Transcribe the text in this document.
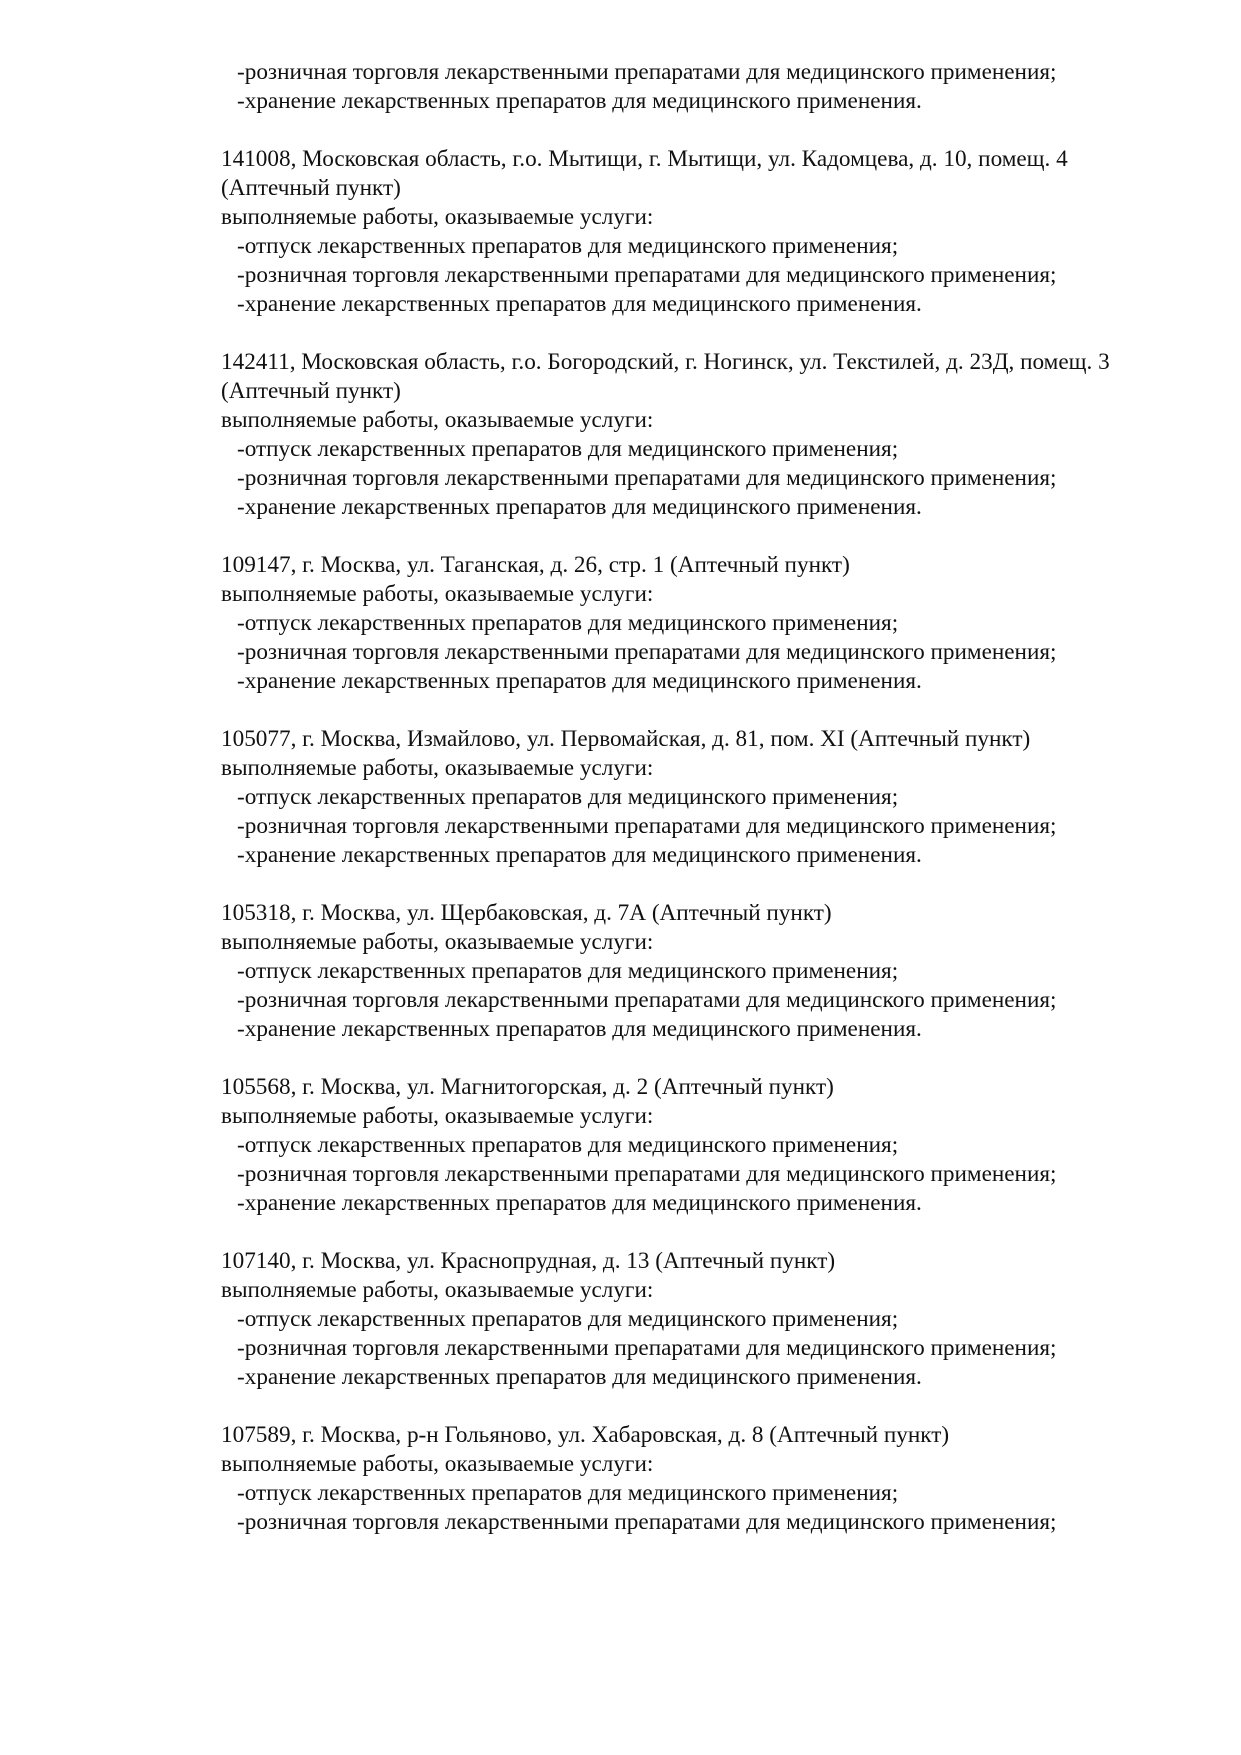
-розничная торговля лекарственными препаратами для медицинского применения;

-хранение лекарственных препаратов для медицинского применения.

141008, Московская область, г.о. Мытищи, г. Мытищи, ул. Кадомцева, д. 10, помещ. 4 (Аптечный пункт)

выполняемые работы, оказываемые услуги:

-отпуск лекарственных препаратов для медицинского применения;

-розничная торговля лекарственными препаратами для медицинского применения;

-хранение лекарственных препаратов для медицинского применения.

142411, Московская область, г.о. Богородский, г. Ногинск, ул. Текстилей, д. 23Д, помещ. 3 (Аптечный пункт)

выполняемые работы, оказываемые услуги:

-отпуск лекарственных препаратов для медицинского применения;

-розничная торговля лекарственными препаратами для медицинского применения;

-хранение лекарственных препаратов для медицинского применения.

109147, г. Москва, ул. Таганская, д. 26, стр. 1 (Аптечный пункт)

выполняемые работы, оказываемые услуги:

-отпуск лекарственных препаратов для медицинского применения;

-розничная торговля лекарственными препаратами для медицинского применения;

-хранение лекарственных препаратов для медицинского применения.

105077, г. Москва, Измайлово, ул. Первомайская, д. 81, пом. XI (Аптечный пункт)

выполняемые работы, оказываемые услуги:

-отпуск лекарственных препаратов для медицинского применения;

-розничная торговля лекарственными препаратами для медицинского применения;

-хранение лекарственных препаратов для медицинского применения.

105318, г. Москва, ул. Щербаковская, д. 7А (Аптечный пункт)

выполняемые работы, оказываемые услуги:

-отпуск лекарственных препаратов для медицинского применения;

-розничная торговля лекарственными препаратами для медицинского применения;

-хранение лекарственных препаратов для медицинского применения.

105568, г. Москва, ул. Магнитогорская, д. 2 (Аптечный пункт)

выполняемые работы, оказываемые услуги:

-отпуск лекарственных препаратов для медицинского применения;

-розничная торговля лекарственными препаратами для медицинского применения;

-хранение лекарственных препаратов для медицинского применения.

107140, г. Москва, ул. Краснопрудная, д. 13 (Аптечный пункт)

выполняемые работы, оказываемые услуги:

-отпуск лекарственных препаратов для медицинского применения;

-розничная торговля лекарственными препаратами для медицинского применения;

-хранение лекарственных препаратов для медицинского применения.

107589, г. Москва, р-н Гольяново, ул. Хабаровская, д. 8 (Аптечный пункт)

выполняемые работы, оказываемые услуги:

-отпуск лекарственных препаратов для медицинского применения;

-розничная торговля лекарственными препаратами для медицинского применения;
